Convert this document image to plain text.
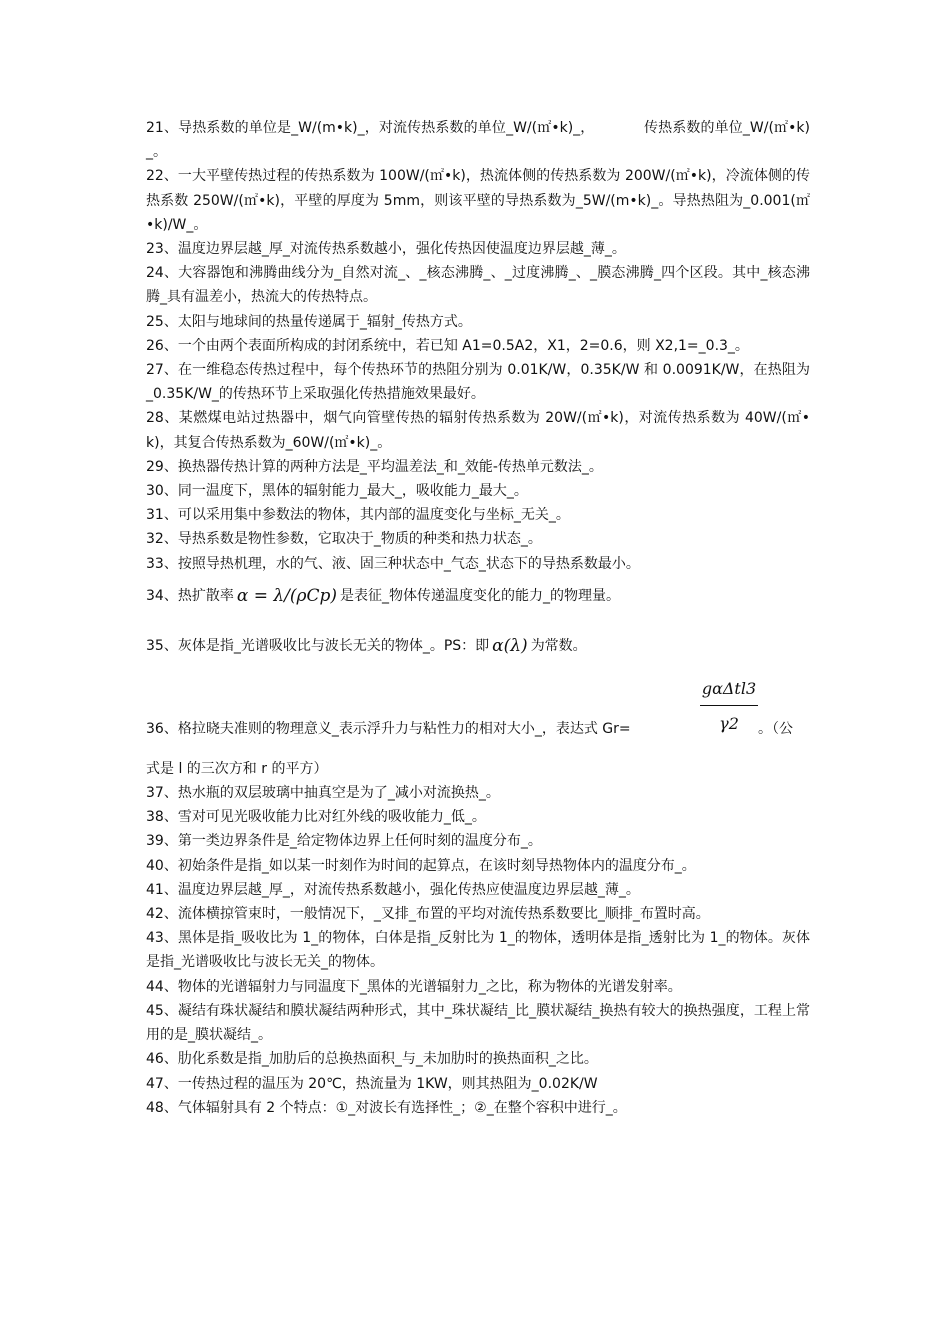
21、导热系数的单位是_W/(m•k)_，对流传热系数的单位_W/(㎡•k)_，　　　　传热系数的单位_W/(㎡•k)_。

22、一大平壁传热过程的传热系数为 100W/(㎡•k)，热流体侧的传热系数为 200W/(㎡•k)，冷流体侧的传热系数 250W/(㎡•k)，平壁的厚度为 5mm，则该平壁的导热系数为_5W/(m•k)_。导热热阻为_0.001(㎡•k)/W_。

23、温度边界层越_厚_对流传热系数越小，强化传热因使温度边界层越_薄_。

24、大容器饱和沸腾曲线分为_自然对流_、_核态沸腾_、_过度沸腾_、_膜态沸腾_四个区段。其中_核态沸腾_具有温差小，热流大的传热特点。

25、太阳与地球间的热量传递属于_辐射_传热方式。

26、一个由两个表面所构成的封闭系统中，若已知 A1=0.5A2，X1，2=0.6，则 X2,1=_0.3_。

27、在一维稳态传热过程中，每个传热环节的热阻分别为 0.01K/W，0.35K/W 和 0.0091K/W，在热阻为_0.35K/W_的传热环节上采取强化传热措施效果最好。

28、某燃煤电站过热器中，烟气向管壁传热的辐射传热系数为 20W/(㎡•k)，对流传热系数为 40W/(㎡•k)，其复合传热系数为_60W/(㎡•k)_。

29、换热器传热计算的两种方法是_平均温差法_和_效能-传热单元数法_。

30、同一温度下，黑体的辐射能力_最大_，吸收能力_最大_。

31、可以采用集中参数法的物体，其内部的温度变化与坐标_无关_。

32、导热系数是物性参数，它取决于_物质的种类和热力状态_。

33、按照导热机理，水的气、液、固三种状态中_气态_状态下的导热系数最小。

34、热扩散率 α = λ/(ρCp) 是表征_物体传递温度变化的能力_的物理量。

35、灰体是指_光谱吸收比与波长无关的物体_。PS：即 α(λ) 为常数。

36、格拉晓夫准则的物理意义_表示浮升力与粘性力的相对大小_，表达式 Gr=
gαΔtl3
γ2	。（公

式是 l 的三次方和 r 的平方）

37、热水瓶的双层玻璃中抽真空是为了_减小对流换热_。

38、雪对可见光吸收能力比对红外线的吸收能力_低_。

39、第一类边界条件是_给定物体边界上任何时刻的温度分布_。

40、初始条件是指_如以某一时刻作为时间的起算点，在该时刻导热物体内的温度分布_。

41、温度边界层越_厚_，对流传热系数越小，强化传热应使温度边界层越_薄_。

42、流体横掠管束时，一般情况下，_叉排_布置的平均对流传热系数要比_顺排_布置时高。

43、黑体是指_吸收比为 1_的物体，白体是指_反射比为 1_的物体，透明体是指_透射比为 1_的物体。灰体是指_光谱吸收比与波长无关_的物体。

44、物体的光谱辐射力与同温度下_黑体的光谱辐射力_之比，称为物体的光谱发射率。

45、凝结有珠状凝结和膜状凝结两种形式，其中_珠状凝结_比_膜状凝结_换热有较大的换热强度，工程上常用的是_膜状凝结_。

46、肋化系数是指_加肋后的总换热面积_与_未加肋时的换热面积_之比。

47、一传热过程的温压为 20℃，热流量为 1KW，则其热阻为_0.02K/W

48、气体辐射具有 2 个特点：①_对波长有选择性_；②_在整个容积中进行_。
